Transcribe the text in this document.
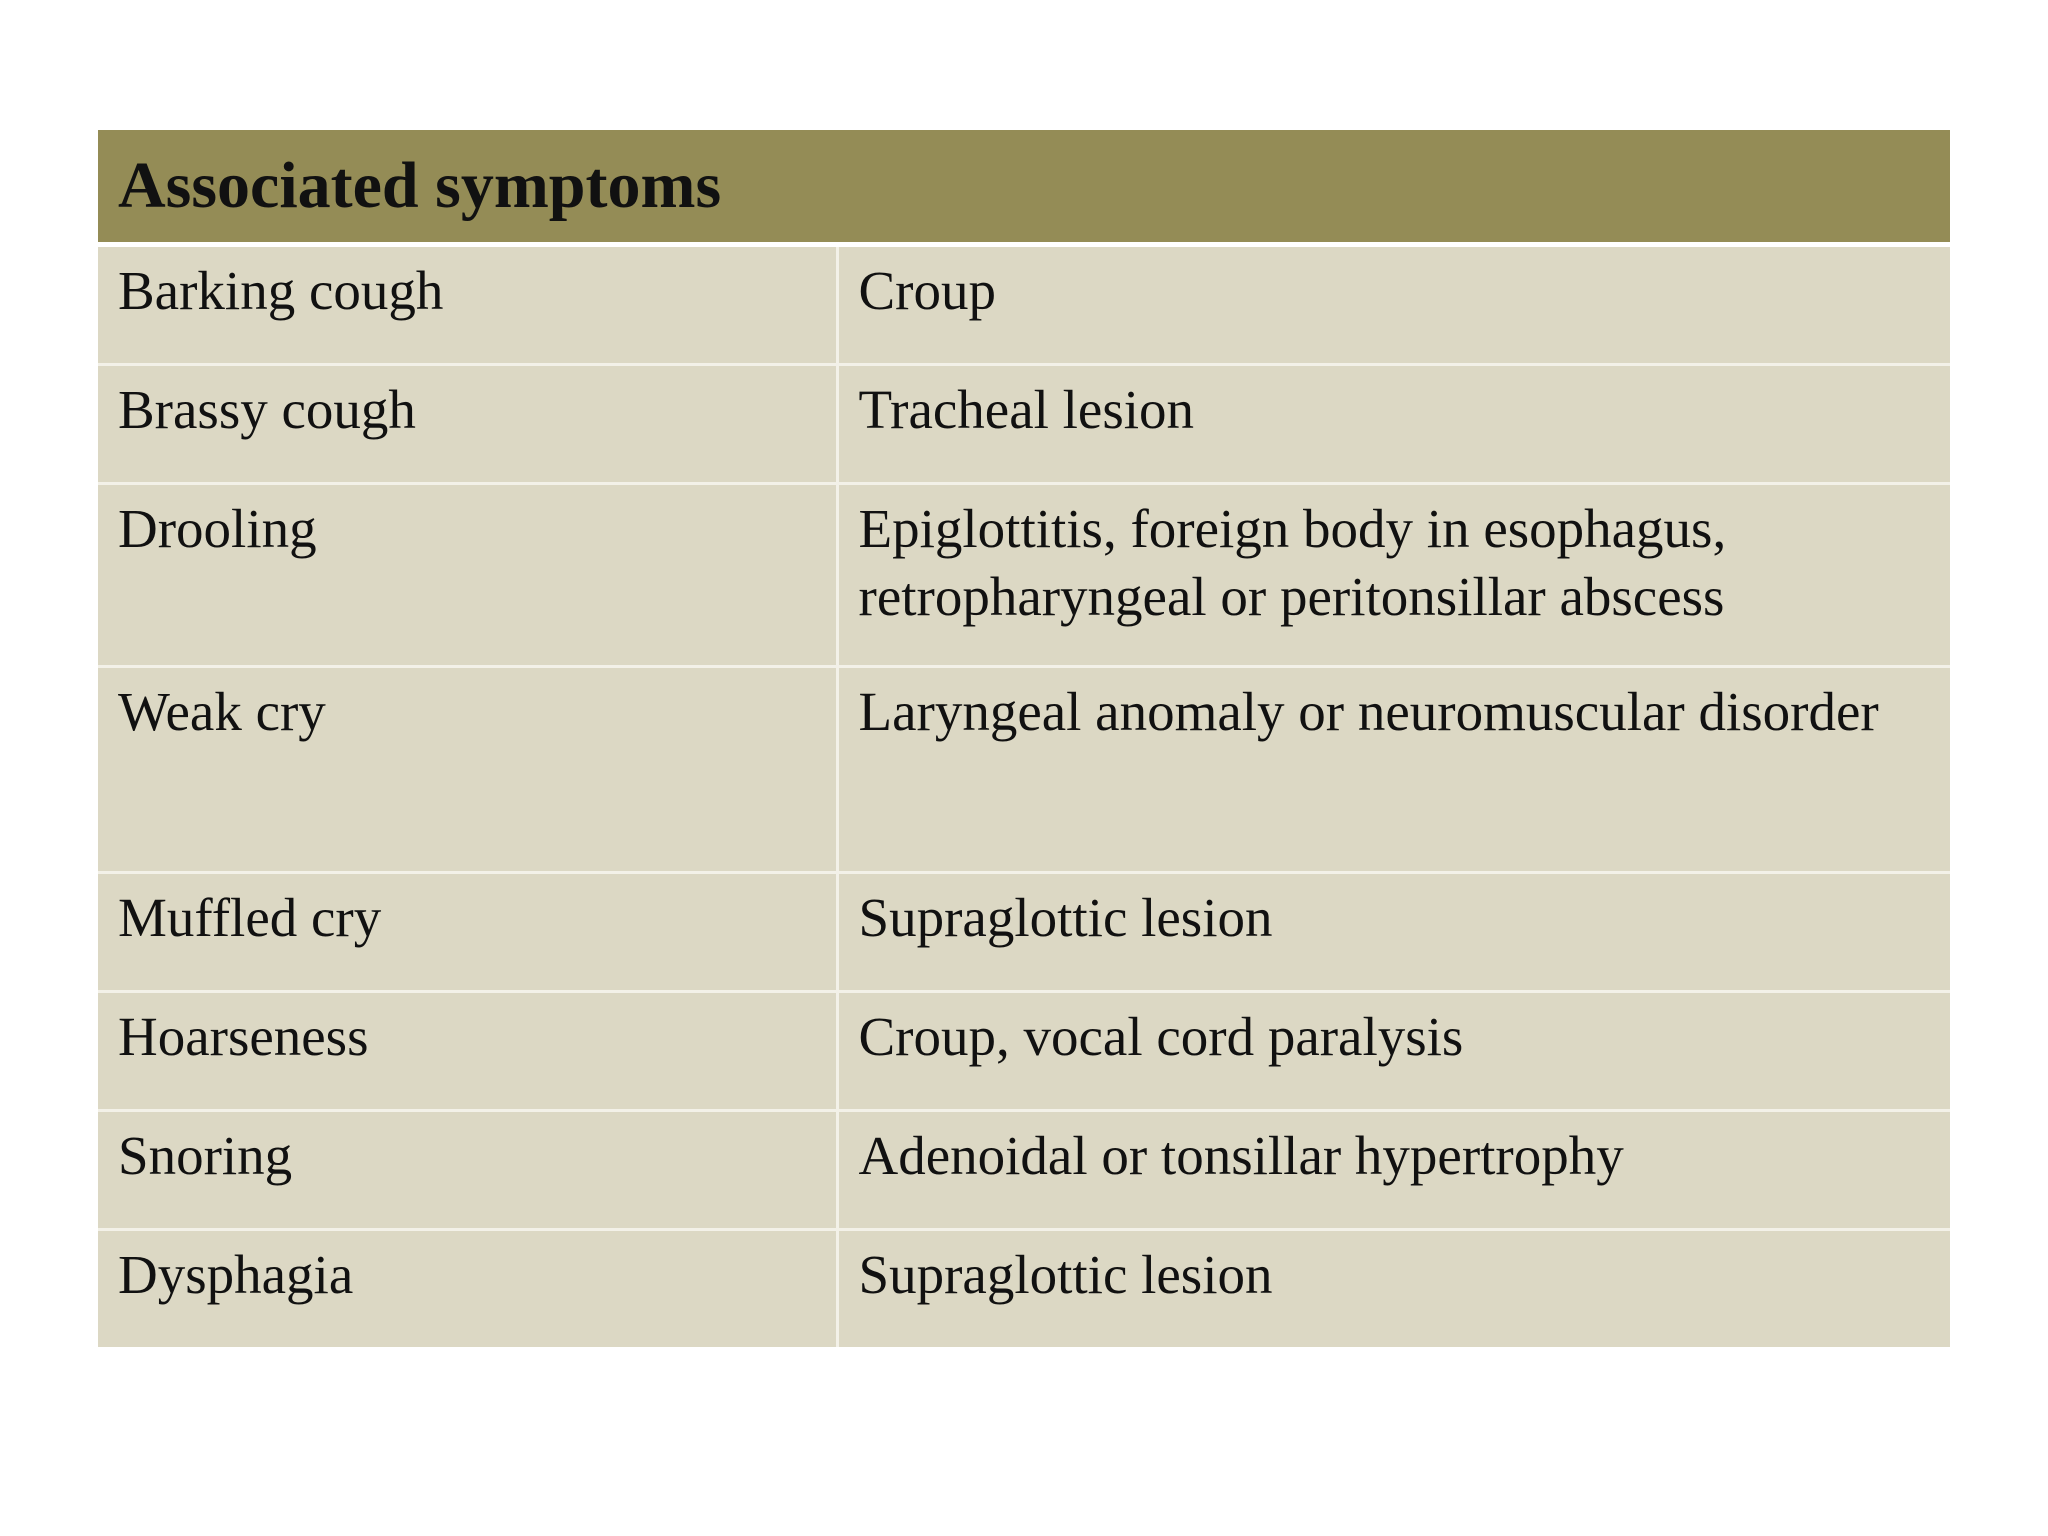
Associated symptoms	
Barking cough	Croup
Brassy cough	Tracheal lesion
Drooling	Epiglottitis, foreign body in esophagus, retropharyngeal or peritonsillar abscess
Weak cry	Laryngeal anomaly or neuromuscular disorder
Muffled cry	Supraglottic lesion
Hoarseness	Croup, vocal cord paralysis
Snoring	Adenoidal or tonsillar hypertrophy
Dysphagia	Supraglottic lesion
